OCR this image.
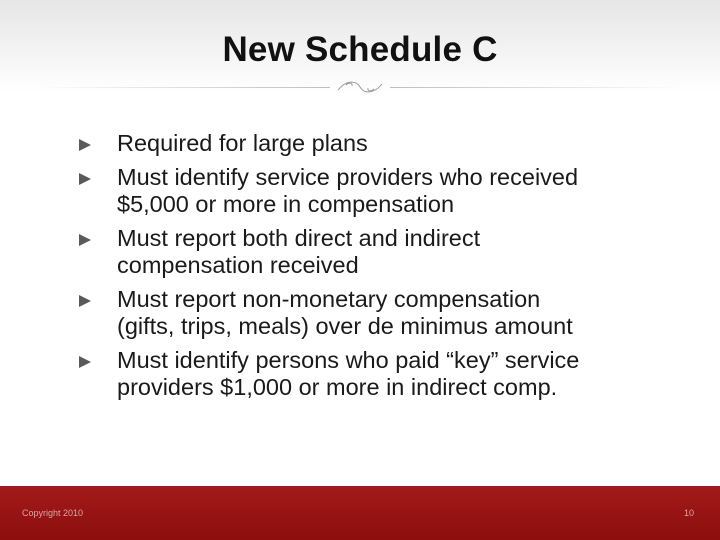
New Schedule C
Required for large plans
Must identify service providers who received
$5,000 or more in compensation
Must report both direct and indirect
compensation received
Must report non-monetary compensation
(gifts, trips, meals) over de minimus amount
Must identify persons who paid “key” service
providers $1,000 or more in indirect comp.
Copyright 2010	10
